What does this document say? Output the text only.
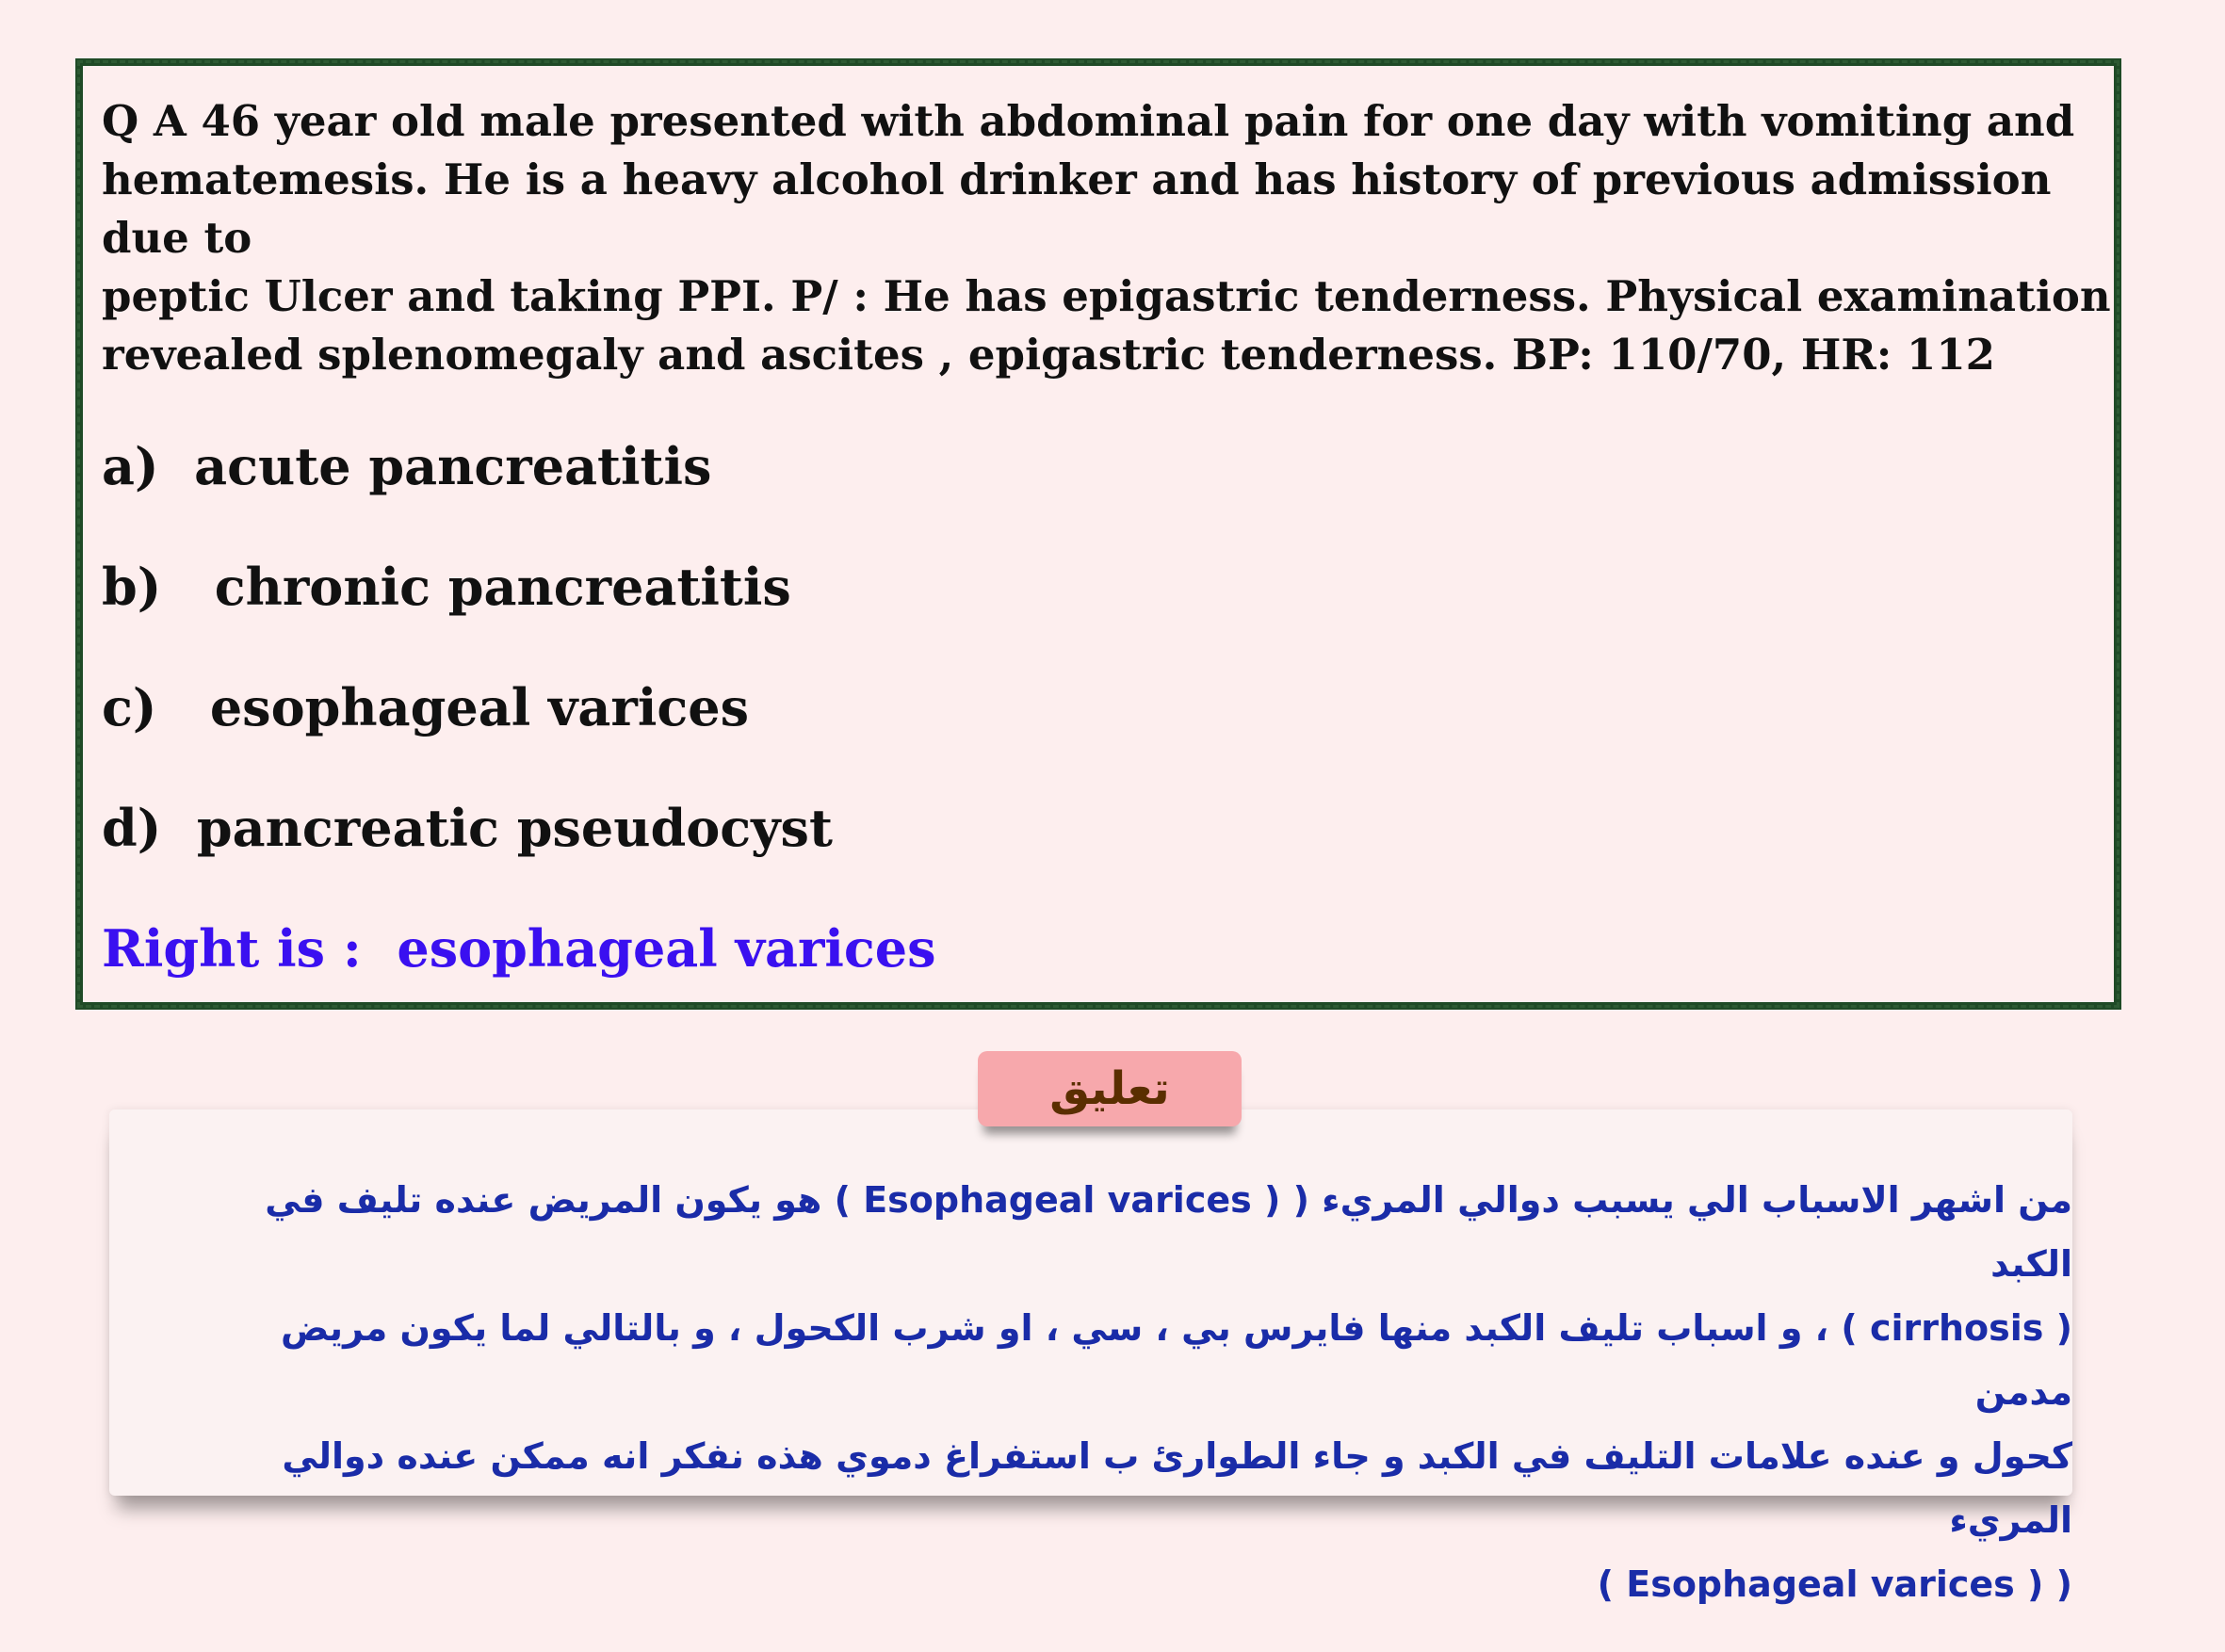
Q A 46 year old male presented with abdominal pain for one day with vomiting and
hematemesis. He is a heavy alcohol drinker and has history of previous admission due to
peptic Ulcer and taking PPI. P/ : He has epigastric tenderness. Physical examination
revealed splenomegaly and ascites , epigastric tenderness. BP: 110/70, HR: 112

a)  acute pancreatitis
b)   chronic pancreatitis
c)   esophageal varices
d)  pancreatic pseudocyst
Right is :  esophageal varices
تعليق

من اشهر الاسباب الي يسبب دوالي المريء ( ( Esophageal varices ) هو يكون المريض عنده تليف في الكبد
( cirrhosis ) ، و اسباب تليف الكبد منها فايرس بي ، سي ، او شرب الكحول ، و بالتالي لما يكون مريض مدمن
كحول و عنده علامات التليف في الكبد و جاء الطوارئ ب استفراغ دموي هذه نفكر انه ممكن عنده دوالي المريء
( ( Esophageal varices )
